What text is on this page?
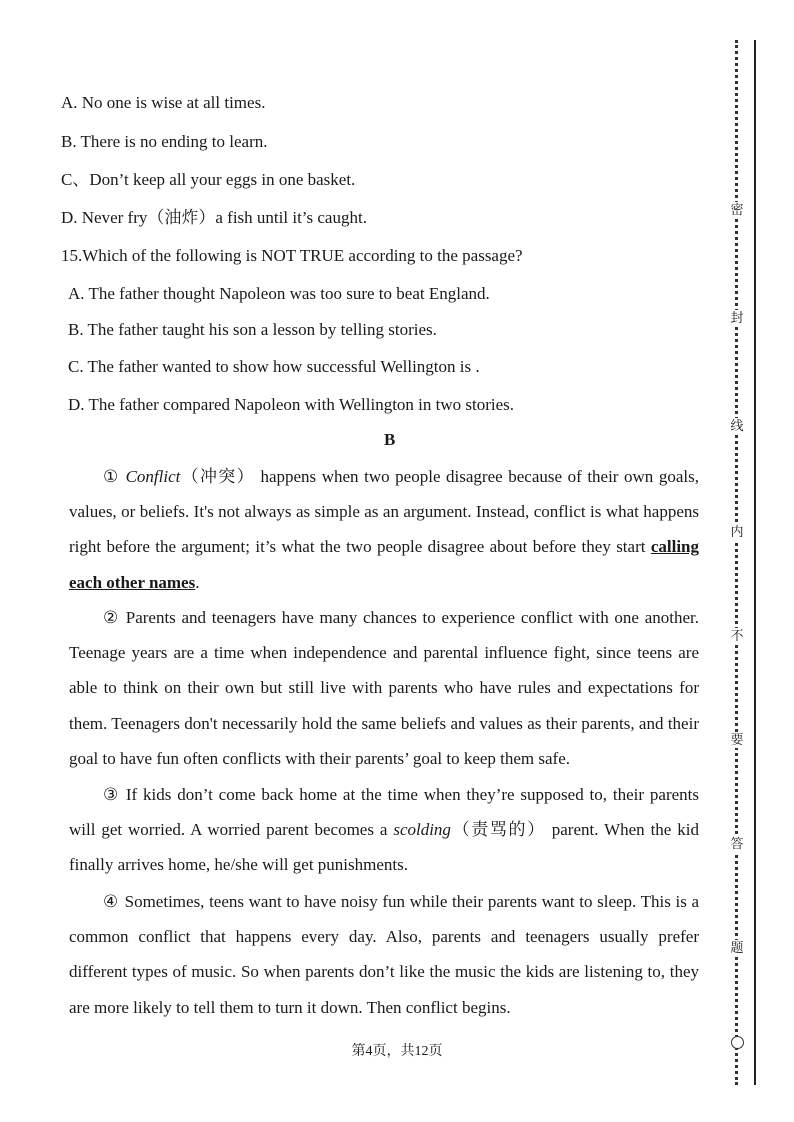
A. No one is wise at all times.
B. There is no ending to learn.
C、Don’t keep all your eggs in one basket.
D. Never fry（油炸）a fish until it’s caught.
15.Which of the following is NOT TRUE according to the passage?
A. The father thought Napoleon was too sure to beat England.
B. The father taught his son a lesson by telling stories.
C. The father wanted to show how successful Wellington is .
D. The father compared Napoleon with Wellington in two stories.
B
① Conflict（冲突） happens when two people disagree because of their own goals, values, or beliefs. It's not always as simple as an argument. Instead, conflict is what happens right before the argument; it’s what the two people disagree about before they start calling each other names.
② Parents and teenagers have many chances to experience conflict with one another. Teenage years are a time when independence and parental influence fight, since teens are able to think on their own but still live with parents who have rules and expectations for them. Teenagers don't necessarily hold the same beliefs and values as their parents, and their goal to have fun often conflicts with their parents’ goal to keep them safe.
③ If kids don’t come back home at the time when they’re supposed to, their parents will get worried. A worried parent becomes a scolding（责骂的） parent. When the kid finally arrives home, he/she will get punishments.
④ Sometimes, teens want to have noisy fun while their parents want to sleep. This is a common conflict that happens every day. Also, parents and teenagers usually prefer different types of music. So when parents don’t like the music the kids are listening to, they are more likely to tell them to turn it down. Then conflict begins.
第4页，共12页
密
封
线
内
不
要
答
题
